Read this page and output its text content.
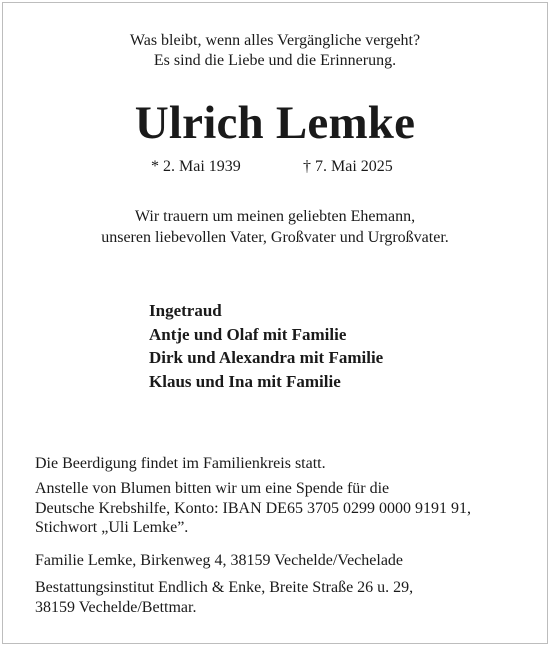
Was bleibt, wenn alles Vergängliche vergeht?
Es sind die Liebe und die Erinnerung.
Ulrich Lemke
* 2. Mai 1939	† 7. Mai 2025
Wir trauern um meinen geliebten Ehemann,
unseren liebevollen Vater, Großvater und Urgroßvater.
Ingetraud
Antje und Olaf mit Familie
Dirk und Alexandra mit Familie
Klaus und Ina mit Familie
Die Beerdigung findet im Familienkreis statt.
Anstelle von Blumen bitten wir um eine Spende für die
Deutsche Krebshilfe, Konto: IBAN DE65 3705 0299 0000 9191 91,
Stichwort „Uli Lemke”.
Familie Lemke, Birkenweg 4, 38159 Vechelde/Vechelade
Bestattungsinstitut Endlich & Enke, Breite Straße 26 u. 29,
38159 Vechelde/Bettmar.
